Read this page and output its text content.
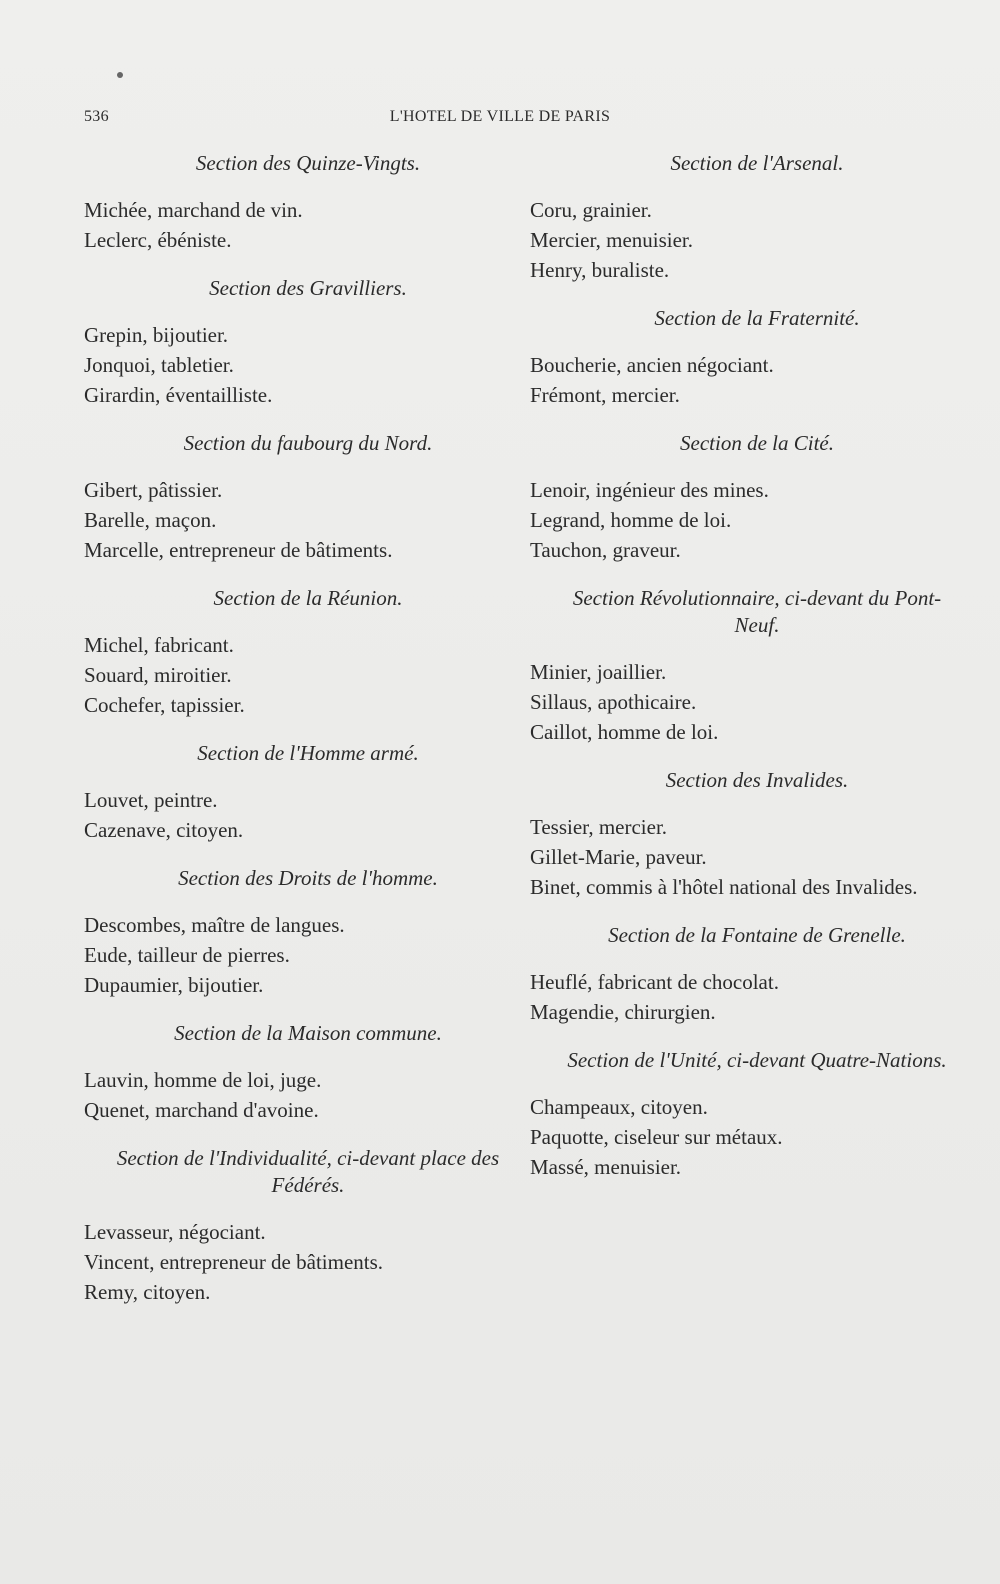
536	L'HOTEL DE VILLE DE PARIS
Section des Quinze-Vingts.
Michée, marchand de vin.
Leclerc, ébéniste.
Section des Gravilliers.
Grepin, bijoutier.
Jonquoi, tabletier.
Girardin, éventailliste.
Section du faubourg du Nord.
Gibert, pâtissier.
Barelle, maçon.
Marcelle, entrepreneur de bâtiments.
Section de la Réunion.
Michel, fabricant.
Souard, miroitier.
Cochefer, tapissier.
Section de l'Homme armé.
Louvet, peintre.
Cazenave, citoyen.
Section des Droits de l'homme.
Descombes, maître de langues.
Eude, tailleur de pierres.
Dupaumier, bijoutier.
Section de la Maison commune.
Lauvin, homme de loi, juge.
Quenet, marchand d'avoine.
Section de l'Individualité, ci-devant place des Fédérés.
Levasseur, négociant.
Vincent, entrepreneur de bâtiments.
Remy, citoyen.
Section de l'Arsenal.
Coru, grainier.
Mercier, menuisier.
Henry, buraliste.
Section de la Fraternité.
Boucherie, ancien négociant.
Frémont, mercier.
Section de la Cité.
Lenoir, ingénieur des mines.
Legrand, homme de loi.
Tauchon, graveur.
Section Révolutionnaire, ci-devant du Pont-Neuf.
Minier, joaillier.
Sillaus, apothicaire.
Caillot, homme de loi.
Section des Invalides.
Tessier, mercier.
Gillet-Marie, paveur.
Binet, commis à l'hôtel national des Invalides.
Section de la Fontaine de Grenelle.
Heuflé, fabricant de chocolat.
Magendie, chirurgien.
Section de l'Unité, ci-devant Quatre-Nations.
Champeaux, citoyen.
Paquotte, ciseleur sur métaux.
Massé, menuisier.
